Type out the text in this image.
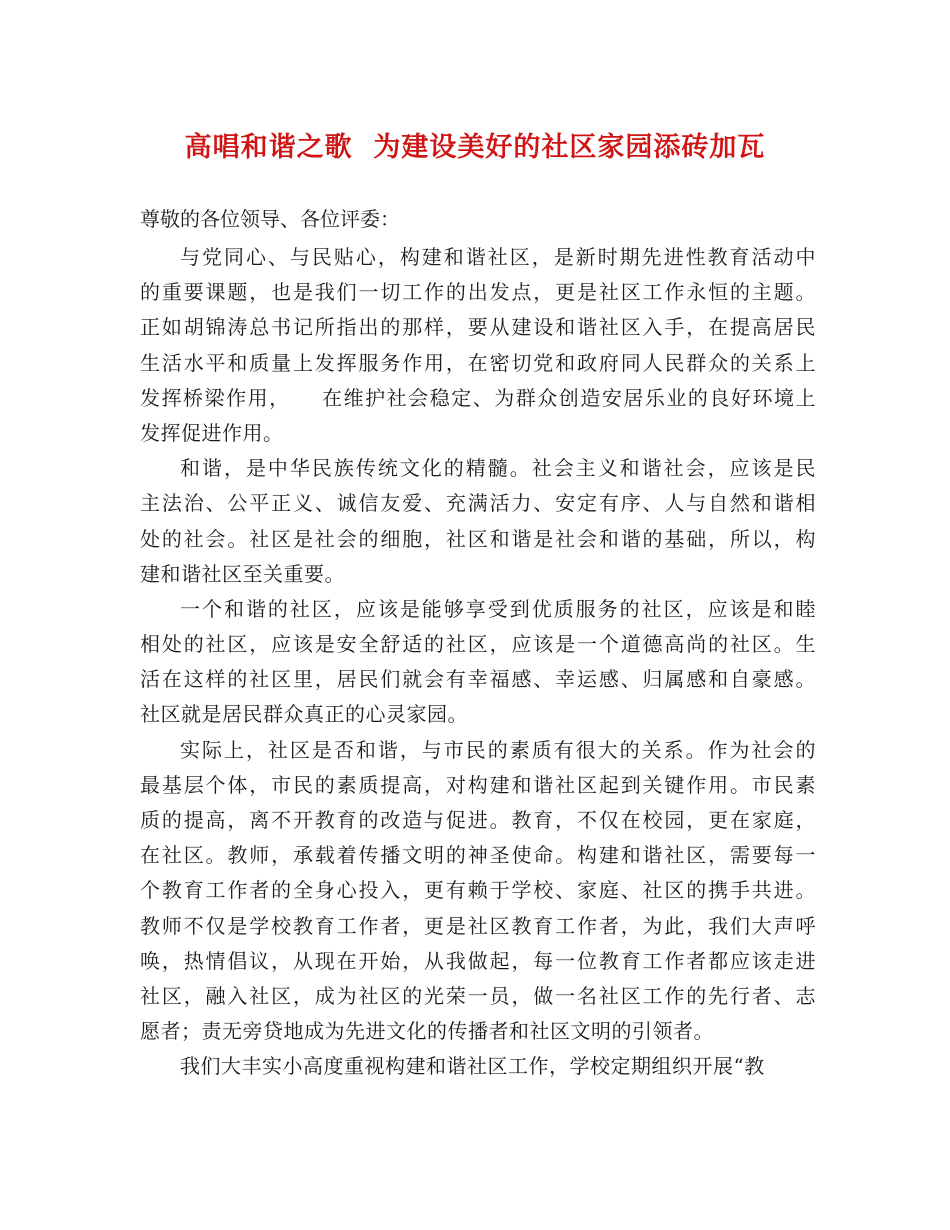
高唱和谐之歌  为建设美好的社区家园添砖加瓦
尊敬的各位领导、各位评委：
与党同心、与民贴心，构建和谐社区，是新时期先进性教育活动中
的重要课题，也是我们一切工作的出发点，更是社区工作永恒的主题。
正如胡锦涛总书记所指出的那样，要从建设和谐社区入手，在提高居民
生活水平和质量上发挥服务作用，在密切党和政府同人民群众的关系上
发挥桥梁作用，    在维护社会稳定、为群众创造安居乐业的良好环境上
发挥促进作用。
和谐，是中华民族传统文化的精髓。社会主义和谐社会，应该是民
主法治、公平正义、诚信友爱、充满活力、安定有序、人与自然和谐相
处的社会。社区是社会的细胞，社区和谐是社会和谐的基础，所以，构
建和谐社区至关重要。
一个和谐的社区，应该是能够享受到优质服务的社区，应该是和睦
相处的社区，应该是安全舒适的社区，应该是一个道德高尚的社区。生
活在这样的社区里，居民们就会有幸福感、幸运感、归属感和自豪感。
社区就是居民群众真正的心灵家园。
实际上，社区是否和谐，与市民的素质有很大的关系。作为社会的
最基层个体，市民的素质提高，对构建和谐社区起到关键作用。市民素
质的提高，离不开教育的改造与促进。教育，不仅在校园，更在家庭，
在社区。教师，承载着传播文明的神圣使命。构建和谐社区，需要每一
个教育工作者的全身心投入，更有赖于学校、家庭、社区的携手共进。
教师不仅是学校教育工作者，更是社区教育工作者，为此，我们大声呼
唤，热情倡议，从现在开始，从我做起，每一位教育工作者都应该走进
社区，融入社区，成为社区的光荣一员，做一名社区工作的先行者、志
愿者；责无旁贷地成为先进文化的传播者和社区文明的引领者。
我们大丰实小高度重视构建和谐社区工作，学校定期组织开展“教
